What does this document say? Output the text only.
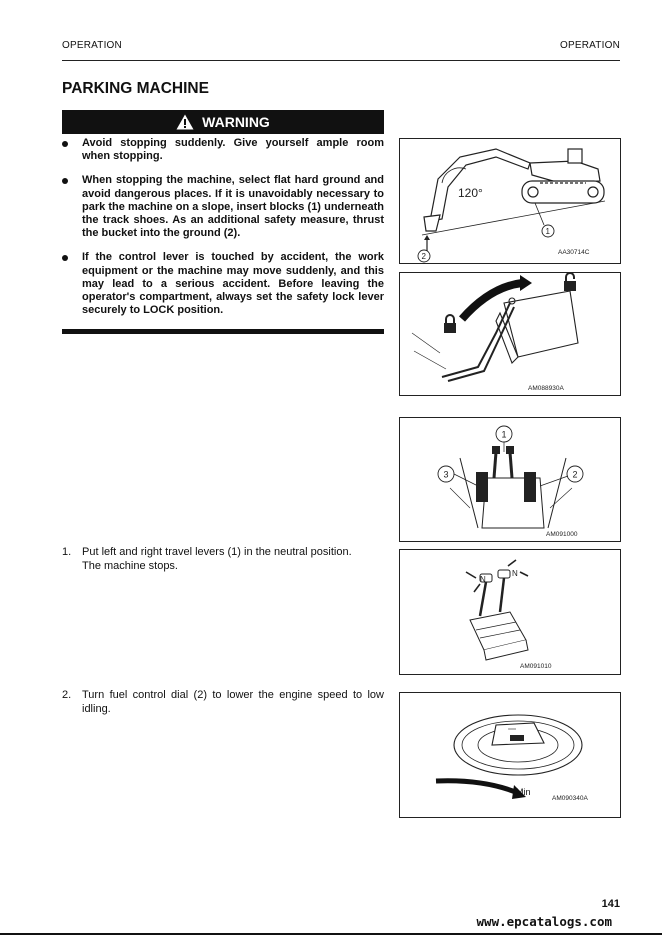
OPERATION	OPERATION
PARKING MACHINE
WARNING
Avoid stopping suddenly. Give yourself ample room when stopping.
When stopping the machine, select flat hard ground and avoid dangerous places. If it is unavoidably necessary to park the machine on a slope, insert blocks (1) underneath the track shoes. As an additional safety measure, thrust the bucket into the ground (2).
If the control lever is touched by accident, the work equipment or the machine may move suddenly, and this may lead to a serious accident. Before leaving the operator's compartment, always set the safety lock lever securely to LOCK position.
1. Put left and right travel levers (1) in the neutral position.
The machine stops.
2. Turn fuel control dial (2) to lower the engine speed to low idling.
120°
1
2	AA30714C
AM088930A
1
2
3
AM091000
N
N
AM091010
Min
AM090340A
141
www.epcatalogs.com
